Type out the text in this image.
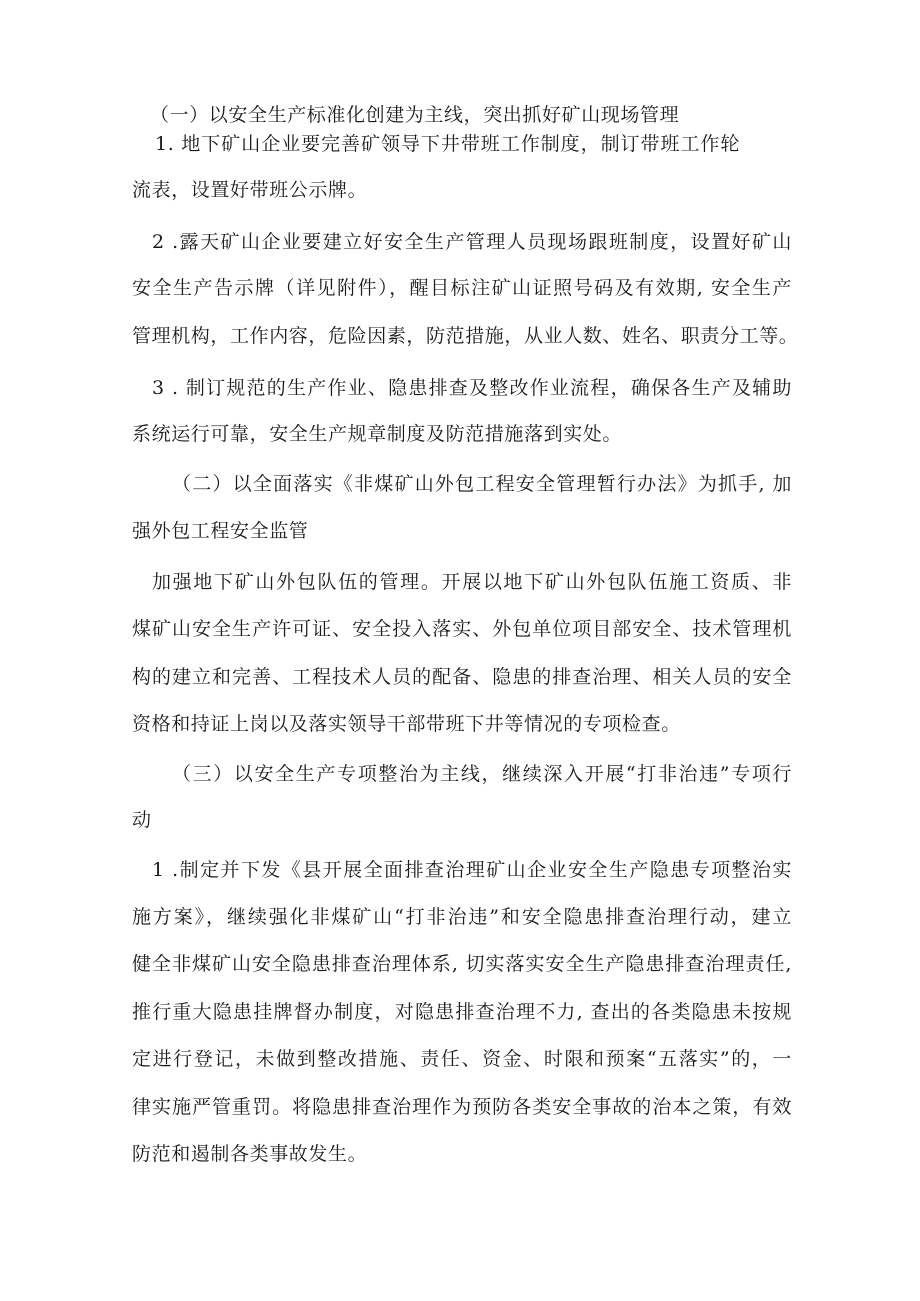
（一）以安全生产标准化创建为主线，突出抓好矿山现场管理
1. 地下矿山企业要完善矿领导下井带班工作制度，制订带班工作轮
流表，设置好带班公示牌。
2 .露天矿山企业要建立好安全生产管理人员现场跟班制度，设置好矿山
安全生产告示牌（详见附件），醒目标注矿山证照号码及有效期, 安全生产
管理机构，工作内容，危险因素，防范措施，从业人数、姓名、职责分工等。
3 . 制订规范的生产作业、隐患排查及整改作业流程，确保各生产及辅助
系统运行可靠，安全生产规章制度及防范措施落到实处。
（二）以全面落实《非煤矿山外包工程安全管理暂行办法》为抓手, 加
强外包工程安全监管
加强地下矿山外包队伍的管理。开展以地下矿山外包队伍施工资质、非
煤矿山安全生产许可证、安全投入落实、外包单位项目部安全、技术管理机
构的建立和完善、工程技术人员的配备、隐患的排查治理、相关人员的安全
资格和持证上岗以及落实领导干部带班下井等情况的专项检查。
（三）以安全生产专项整治为主线，继续深入开展“打非治违”专项行
动
1 .制定并下发《县开展全面排查治理矿山企业安全生产隐患专项整治实
施方案》，继续强化非煤矿山“打非治违”和安全隐患排查治理行动，建立
健全非煤矿山安全隐患排查治理体系, 切实落实安全生产隐患排查治理责任,
推行重大隐患挂牌督办制度，对隐患排查治理不力, 查出的各类隐患未按规
定进行登记，未做到整改措施、责任、资金、时限和预案“五落实”的，一
律实施严管重罚。将隐患排查治理作为预防各类安全事故的治本之策，有效
防范和遏制各类事故发生。
